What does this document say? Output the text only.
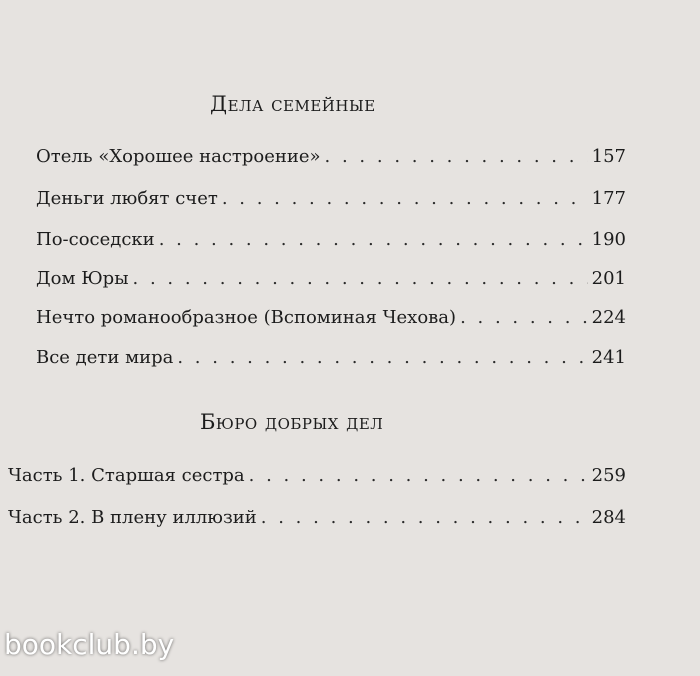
Дела семейные
Отель «Хорошее настроение» . . .	157
Деньги любят счет . . .	177
По-соседски . . .	190
Дом Юры . . .	201
Нечто романообразное (Вспоминая Чехова) . . .	224
Все дети мира . . .	241
Бюро добрых дел
Часть 1. Старшая сестра . . .	259
Часть 2. В плену иллюзий . . .	284
bookclub.by
